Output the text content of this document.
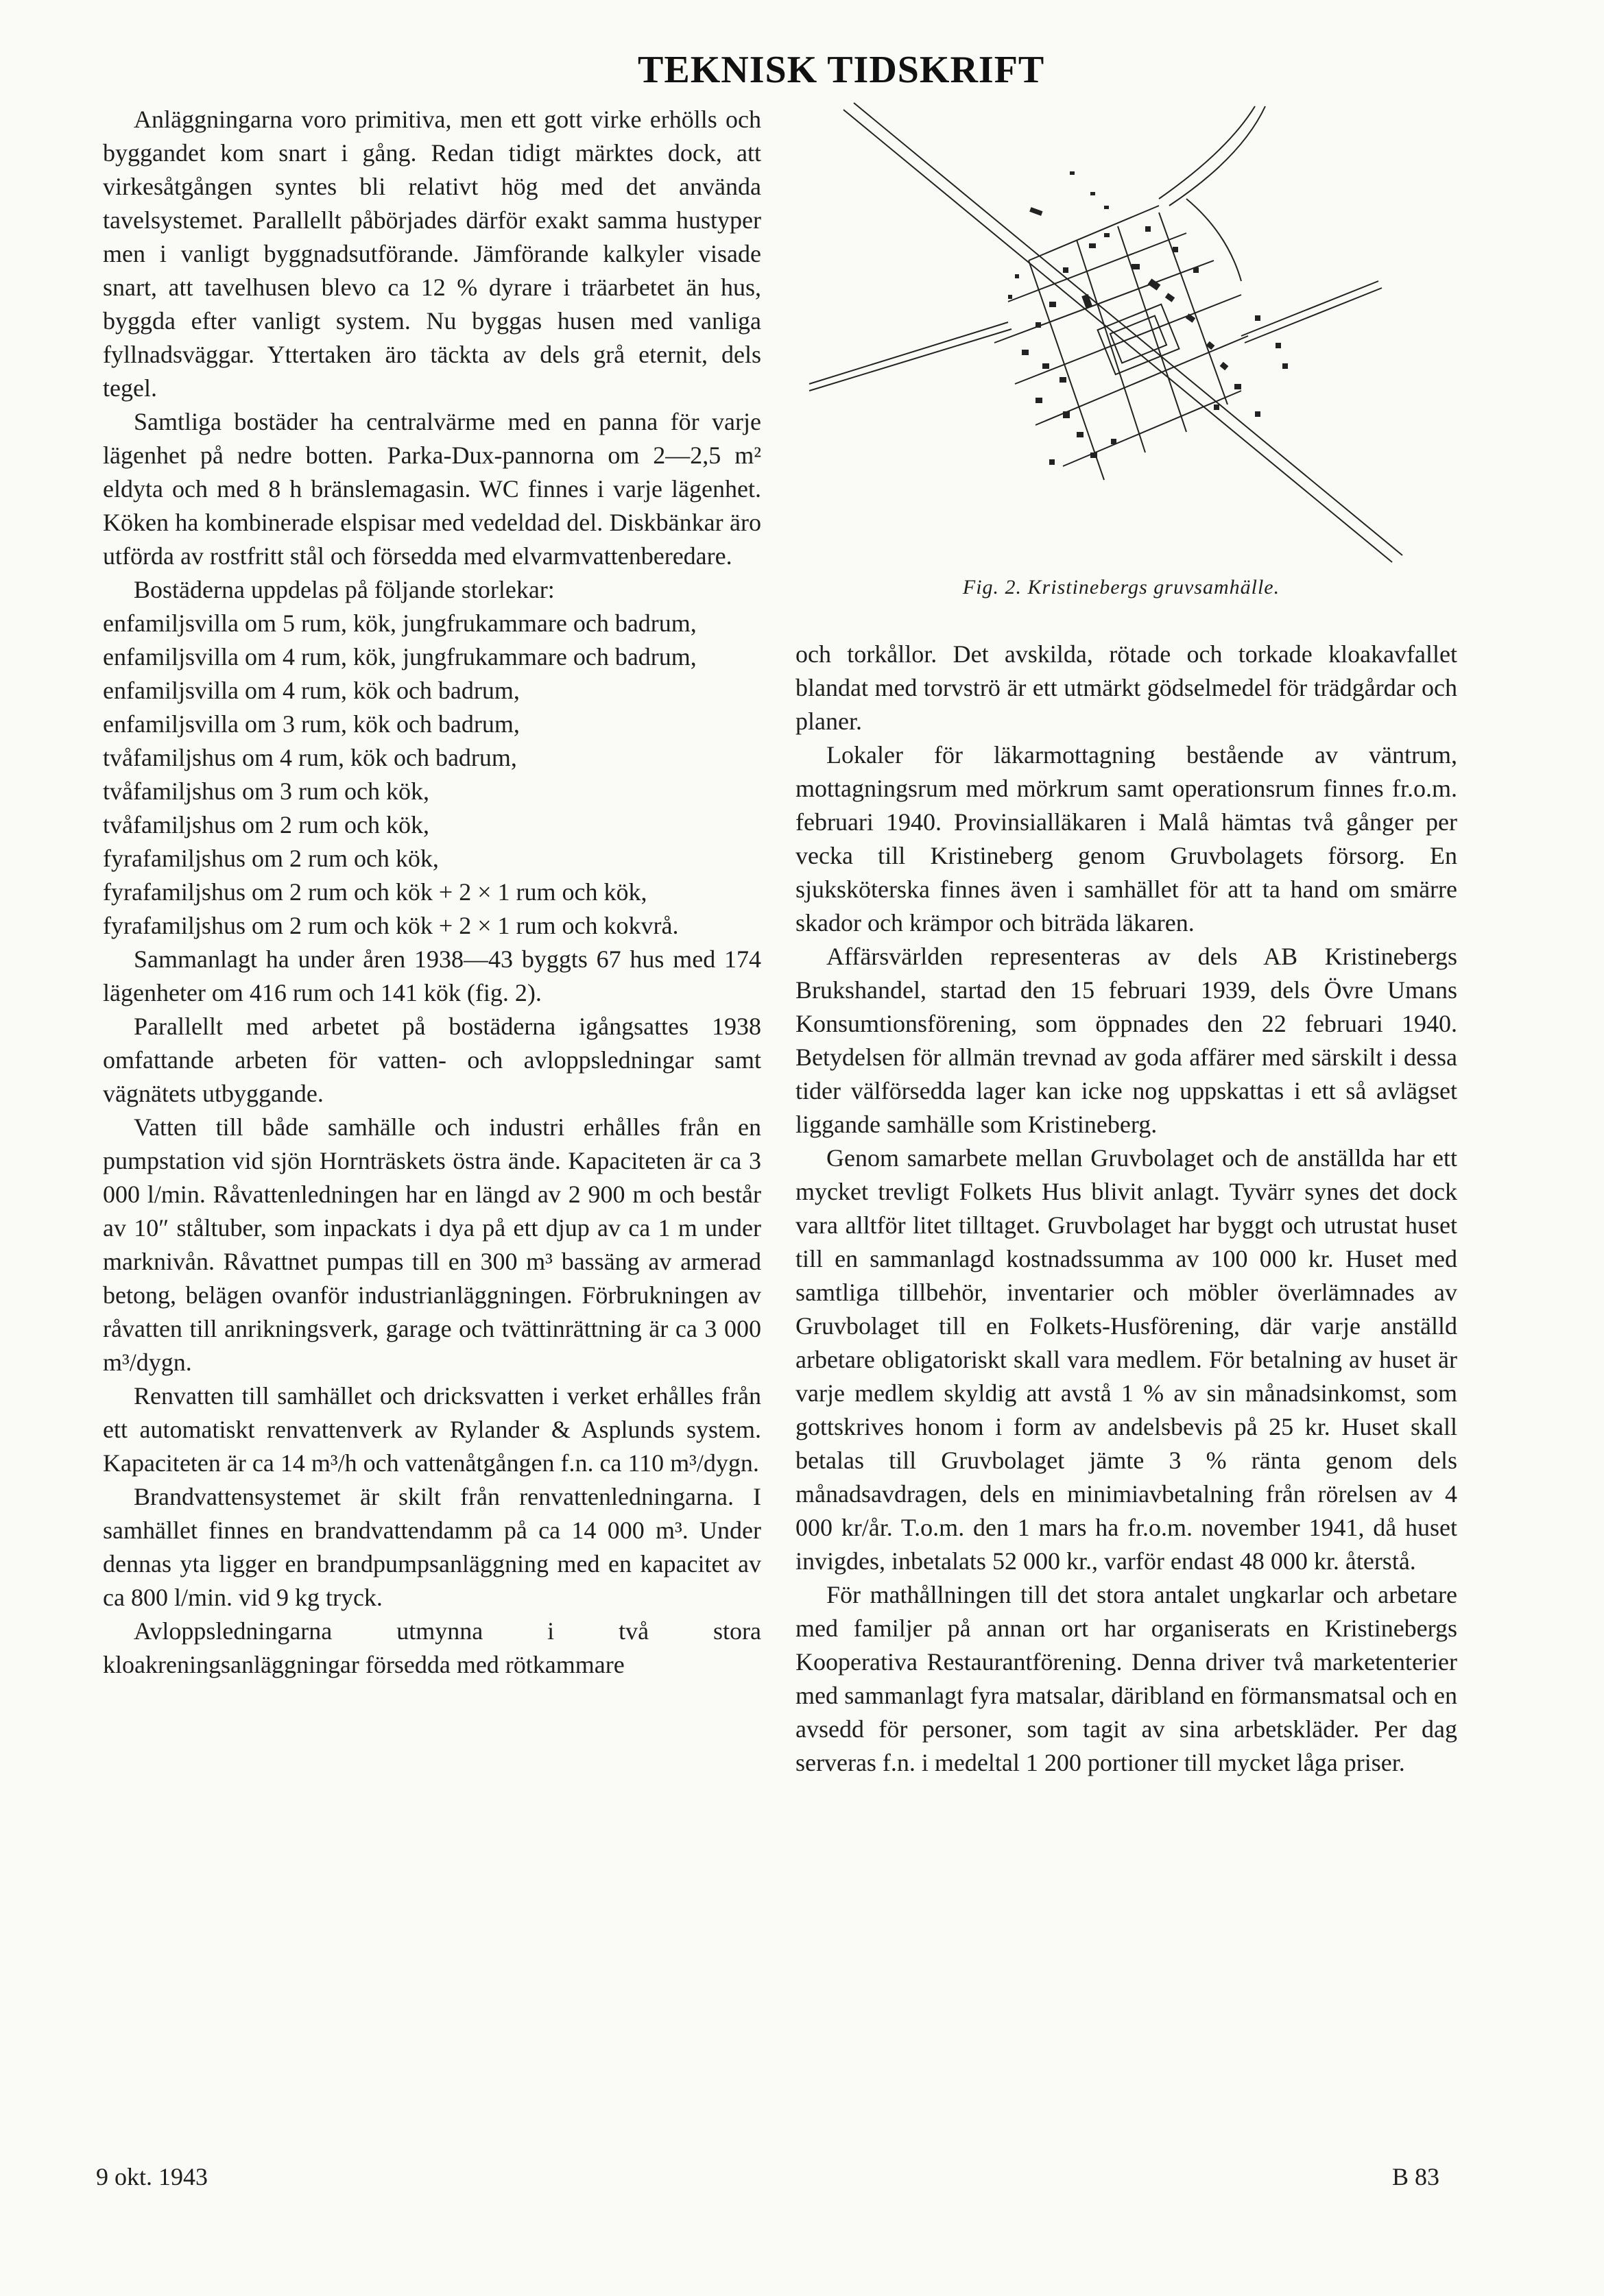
TEKNISK TIDSKRIFT

Anläggningarna voro primitiva, men ett gott virke erhölls och byggandet kom snart i gång. Redan tidigt märktes dock, att virkesåtgången syntes bli relativt hög med det använda tavelsystemet. Parallellt påbörjades därför exakt samma hustyper men i vanligt byggnadsutförande. Jämförande kalkyler visade snart, att tavelhusen blevo ca 12 % dyrare i träarbetet än hus, byggda efter vanligt system. Nu byggas husen med vanliga fyllnadsväggar. Yttertaken äro täckta av dels grå eternit, dels tegel.

Samtliga bostäder ha centralvärme med en panna för varje lägenhet på nedre botten. Parka-Dux-pannorna om 2—2,5 m² eldyta och med 8 h bränslemagasin. WC finnes i varje lägenhet. Köken ha kombinerade elspisar med vedeldad del. Diskbänkar äro utförda av rostfritt stål och försedda med elvarmvattenberedare.

Bostäderna uppdelas på följande storlekar:

enfamiljsvilla om 5 rum, kök, jungfrukammare och badrum,

enfamiljsvilla om 4 rum, kök, jungfrukammare och badrum,

enfamiljsvilla om 4 rum, kök och badrum,

enfamiljsvilla om 3 rum, kök och badrum,

tvåfamiljshus om 4 rum, kök och badrum,

tvåfamiljshus om 3 rum och kök,

tvåfamiljshus om 2 rum och kök,

fyrafamiljshus om 2 rum och kök,

fyrafamiljshus om 2 rum och kök + 2 × 1 rum och kök,

fyrafamiljshus om 2 rum och kök + 2 × 1 rum och kokvrå.

Sammanlagt ha under åren 1938—43 byggts 67 hus med 174 lägenheter om 416 rum och 141 kök (fig. 2).

Parallellt med arbetet på bostäderna igångsattes 1938 omfattande arbeten för vatten- och avloppsledningar samt vägnätets utbyggande.

Vatten till både samhälle och industri erhålles från en pumpstation vid sjön Hornträskets östra ände. Kapaciteten är ca 3 000 l/min. Råvattenledningen har en längd av 2 900 m och består av 10″ ståltuber, som inpackats i dya på ett djup av ca 1 m under marknivån. Råvattnet pumpas till en 300 m³ bassäng av armerad betong, belägen ovanför industrianläggningen. Förbrukningen av råvatten till anrikningsverk, garage och tvättinrättning är ca 3 000 m³/dygn.

Renvatten till samhället och dricksvatten i verket erhålles från ett automatiskt renvattenverk av Rylander & Asplunds system. Kapaciteten är ca 14 m³/h och vattenåtgången f.n. ca 110 m³/dygn.

Brandvattensystemet är skilt från renvattenledningarna. I samhället finnes en brandvattendamm på ca 14 000 m³. Under dennas yta ligger en brandpumpsanläggning med en kapacitet av ca 800 l/min. vid 9 kg tryck.

Avloppsledningarna utmynna i två stora kloakreningsanläggningar försedda med rötkammare

Fig. 2. Kristinebergs gruvsamhälle.

och torkållor. Det avskilda, rötade och torkade kloakavfallet blandat med torvströ är ett utmärkt gödselmedel för trädgårdar och planer.

Lokaler för läkarmottagning bestående av väntrum, mottagningsrum med mörkrum samt operationsrum finnes fr.o.m. februari 1940. Provinsialläkaren i Malå hämtas två gånger per vecka till Kristineberg genom Gruvbolagets försorg. En sjuksköterska finnes även i samhället för att ta hand om smärre skador och krämpor och biträda läkaren.

Affärsvärlden representeras av dels AB Kristinebergs Brukshandel, startad den 15 februari 1939, dels Övre Umans Konsumtionsförening, som öppnades den 22 februari 1940. Betydelsen för allmän trevnad av goda affärer med särskilt i dessa tider välförsedda lager kan icke nog uppskattas i ett så avlägset liggande samhälle som Kristineberg.

Genom samarbete mellan Gruvbolaget och de anställda har ett mycket trevligt Folkets Hus blivit anlagt. Tyvärr synes det dock vara alltför litet tilltaget. Gruvbolaget har byggt och utrustat huset till en sammanlagd kostnadssumma av 100 000 kr. Huset med samtliga tillbehör, inventarier och möbler överlämnades av Gruvbolaget till en Folkets-Husförening, där varje anställd arbetare obligatoriskt skall vara medlem. För betalning av huset är varje medlem skyldig att avstå 1 % av sin månadsinkomst, som gottskrives honom i form av andelsbevis på 25 kr. Huset skall betalas till Gruvbolaget jämte 3 % ränta genom dels månadsavdragen, dels en minimiavbetalning från rörelsen av 4 000 kr/år. T.o.m. den 1 mars ha fr.o.m. november 1941, då huset invigdes, inbetalats 52 000 kr., varför endast 48 000 kr. återstå.

För mathållningen till det stora antalet ungkarlar och arbetare med familjer på annan ort har organiserats en Kristinebergs Kooperativa Restaurantförening. Denna driver två marketenterier med sammanlagt fyra matsalar, däribland en förmansmatsal och en avsedd för personer, som tagit av sina arbetskläder. Per dag serveras f.n. i medeltal 1 200 portioner till mycket låga priser.

9 okt. 1943	B 83
